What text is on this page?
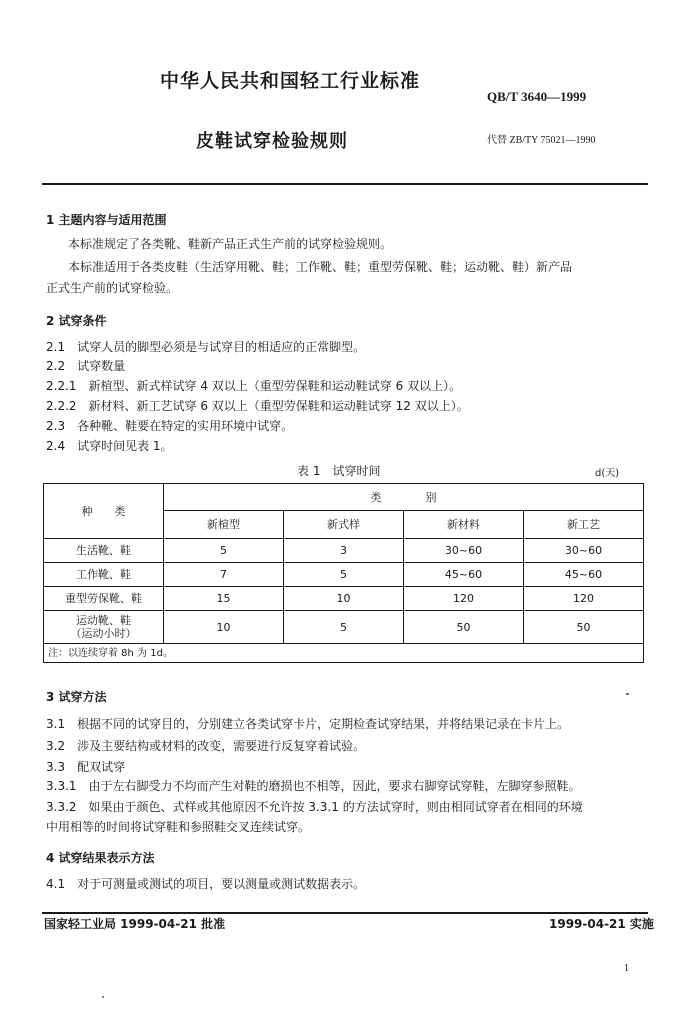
中华人民共和国轻工行业标准
QB/T 3640—1999
皮鞋试穿检验规则	代替 ZB/TY 75021—1990
1 主题内容与适用范围
本标准规定了各类靴、鞋新产品正式生产前的试穿检验规则。
本标准适用于各类皮鞋（生活穿用靴、鞋；工作靴、鞋；重型劳保靴、鞋；运动靴、鞋）新产品
正式生产前的试穿检验。
2 试穿条件
2.1　试穿人员的脚型必须是与试穿目的相适应的正常脚型。
2.2　试穿数量
2.2.1　新楦型、新式样试穿 4 双以上（重型劳保鞋和运动鞋试穿 6 双以上）。
2.2.2　新材料、新工艺试穿 6 双以上（重型劳保鞋和运动鞋试穿 12 双以上）。
2.3　各种靴、鞋要在特定的实用环境中试穿。
2.4　试穿时间见表 1。
表 1　试穿时间	d(天)
种　　类	类　　　　别			
	新楦型	新式样	新材料	新工艺
生活靴、鞋	5	3	30~60	30~60
工作靴、鞋	7	5	45~60	45~60
重型劳保靴、鞋	15	10	120	120

运动靴、鞋
（运动小时）	10	5	50	50
注：以连续穿着 8h 为 1d。				
3 试穿方法
3.1　根据不同的试穿目的，分别建立各类试穿卡片，定期检查试穿结果，并将结果记录在卡片上。
3.2　涉及主要结构或材料的改变，需要进行反复穿着试验。
3.3　配双试穿
3.3.1　由于左右脚受力不均而产生对鞋的磨损也不相等，因此，要求右脚穿试穿鞋，左脚穿参照鞋。
3.3.2　如果由于颜色、式样或其他原因不允许按 3.3.1 的方法试穿时，则由相同试穿者在相同的环境
中用相等的时间将试穿鞋和参照鞋交叉连续试穿。
4 试穿结果表示方法
4.1　对于可测量或测试的项目，要以测量或测试数据表示。
国家轻工业局 1999-04-21 批准	1999-04-21 实施
1
